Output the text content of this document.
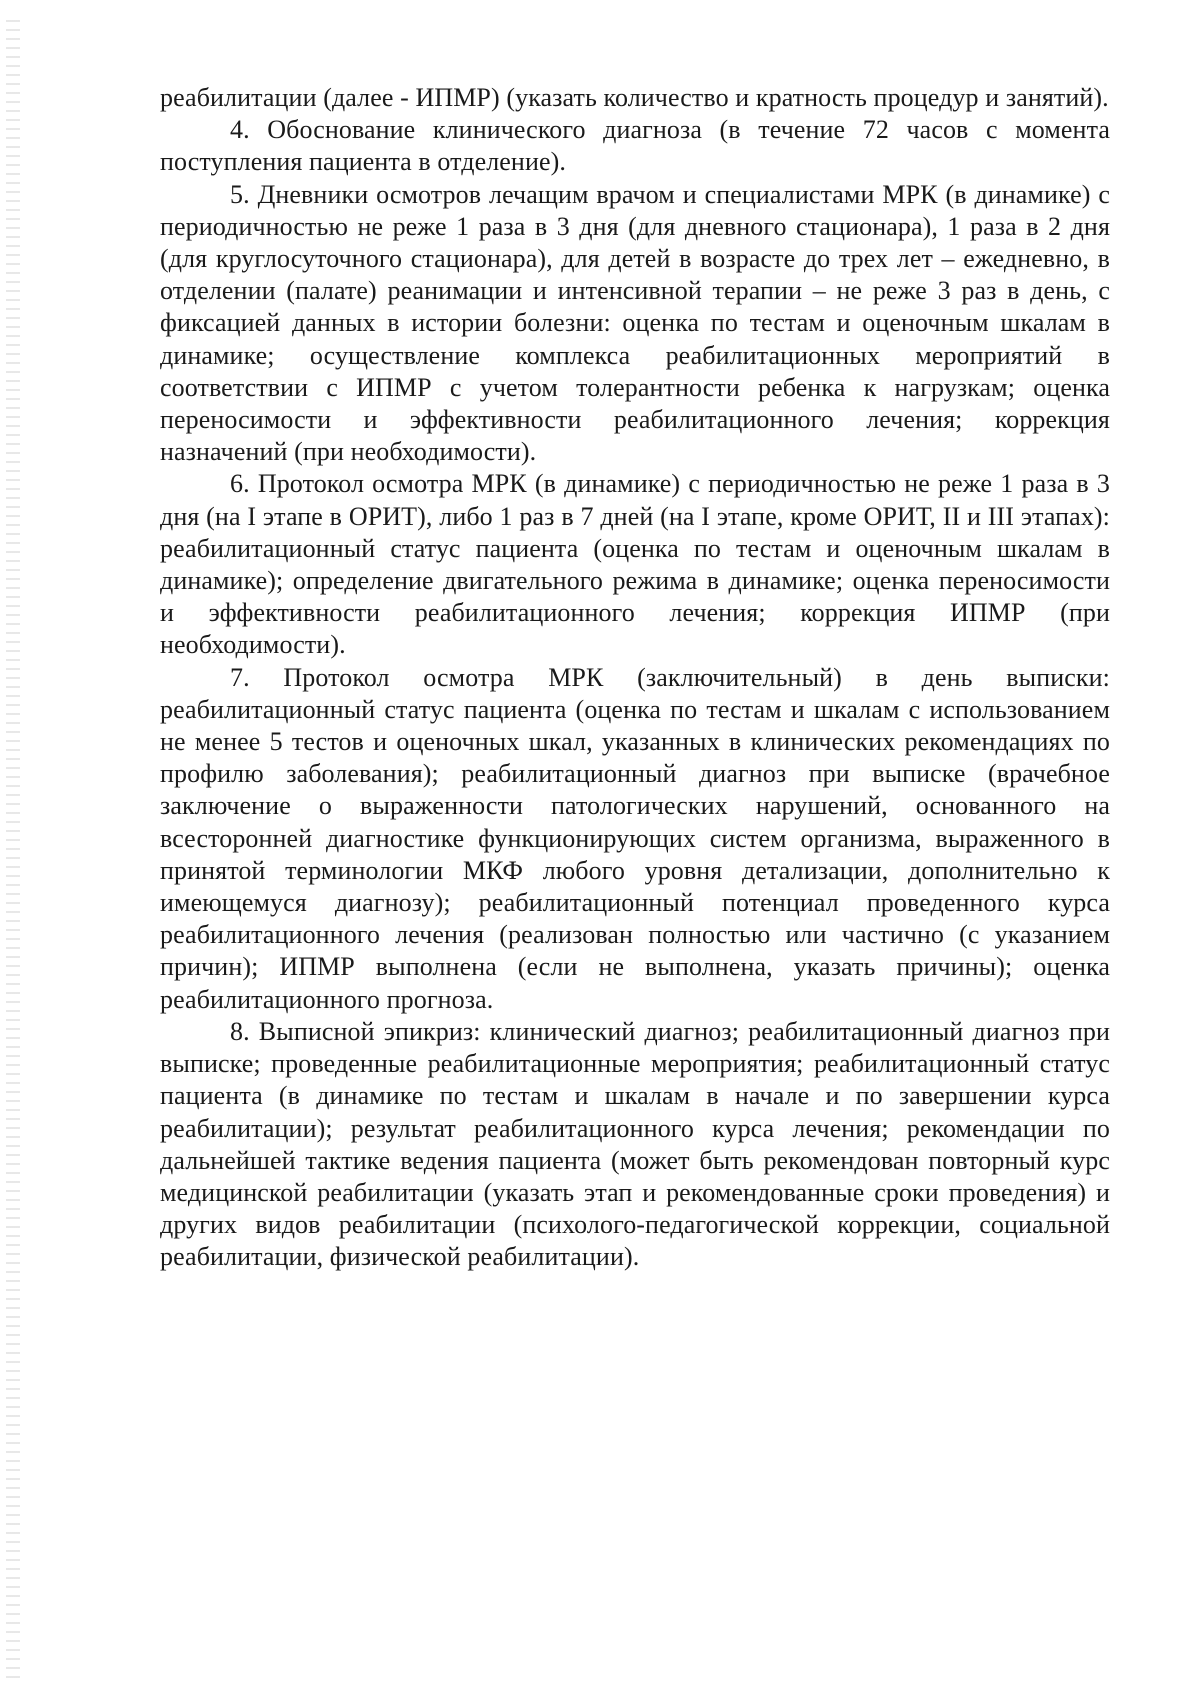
реабилитации (далее - ИПМР) (указать количество и кратность процедур и занятий).

4. Обоснование клинического диагноза (в течение 72 часов с момента поступления пациента в отделение).

5. Дневники осмотров лечащим врачом и специалистами МРК (в динамике) с периодичностью не реже 1 раза в 3 дня (для дневного стационара), 1 раза в 2 дня (для круглосуточного стационара), для детей в возрасте до трех лет – ежедневно, в отделении (палате) реанимации и интенсивной терапии – не реже 3 раз в день, с фиксацией данных в истории болезни: оценка по тестам и оценочным шкалам в динамике; осуществление комплекса реабилитационных мероприятий в соответствии с ИПМР с учетом толерантности ребенка к нагрузкам; оценка переносимости и эффективности реабилитационного лечения; коррекция назначений (при необходимости).

6. Протокол осмотра МРК (в динамике) с периодичностью не реже 1 раза в 3 дня (на I этапе в ОРИТ), либо 1 раз в 7 дней (на I этапе, кроме ОРИТ, II и III этапах): реабилитационный статус пациента (оценка по тестам и оценочным шкалам в динамике); определение двигательного режима в динамике; оценка переносимости и эффективности реабилитационного лечения; коррекция ИПМР (при необходимости).

7. Протокол осмотра МРК (заключительный) в день выписки: реабилитационный статус пациента (оценка по тестам и шкалам с использованием не менее 5 тестов и оценочных шкал, указанных в клинических рекомендациях по профилю заболевания); реабилитационный диагноз при выписке (врачебное заключение о выраженности патологических нарушений, основанного на всесторонней диагностике функционирующих систем организма, выраженного в принятой терминологии МКФ любого уровня детализации, дополнительно к имеющемуся диагнозу); реабилитационный потенциал проведенного курса реабилитационного лечения (реализован полностью или частично (с указанием причин); ИПМР выполнена (если не выполнена, указать причины); оценка реабилитационного прогноза.

8. Выписной эпикриз: клинический диагноз; реабилитационный диагноз при выписке; проведенные реабилитационные мероприятия; реабилитационный статус пациента (в динамике по тестам и шкалам в начале и по завершении курса реабилитации); результат реабилитационного курса лечения; рекомендации по дальнейшей тактике ведения пациента (может быть рекомендован повторный курс медицинской реабилитации (указать этап и рекомендованные сроки проведения) и других видов реабилитации (психолого-педагогической коррекции, социальной реабилитации, физической реабилитации).
